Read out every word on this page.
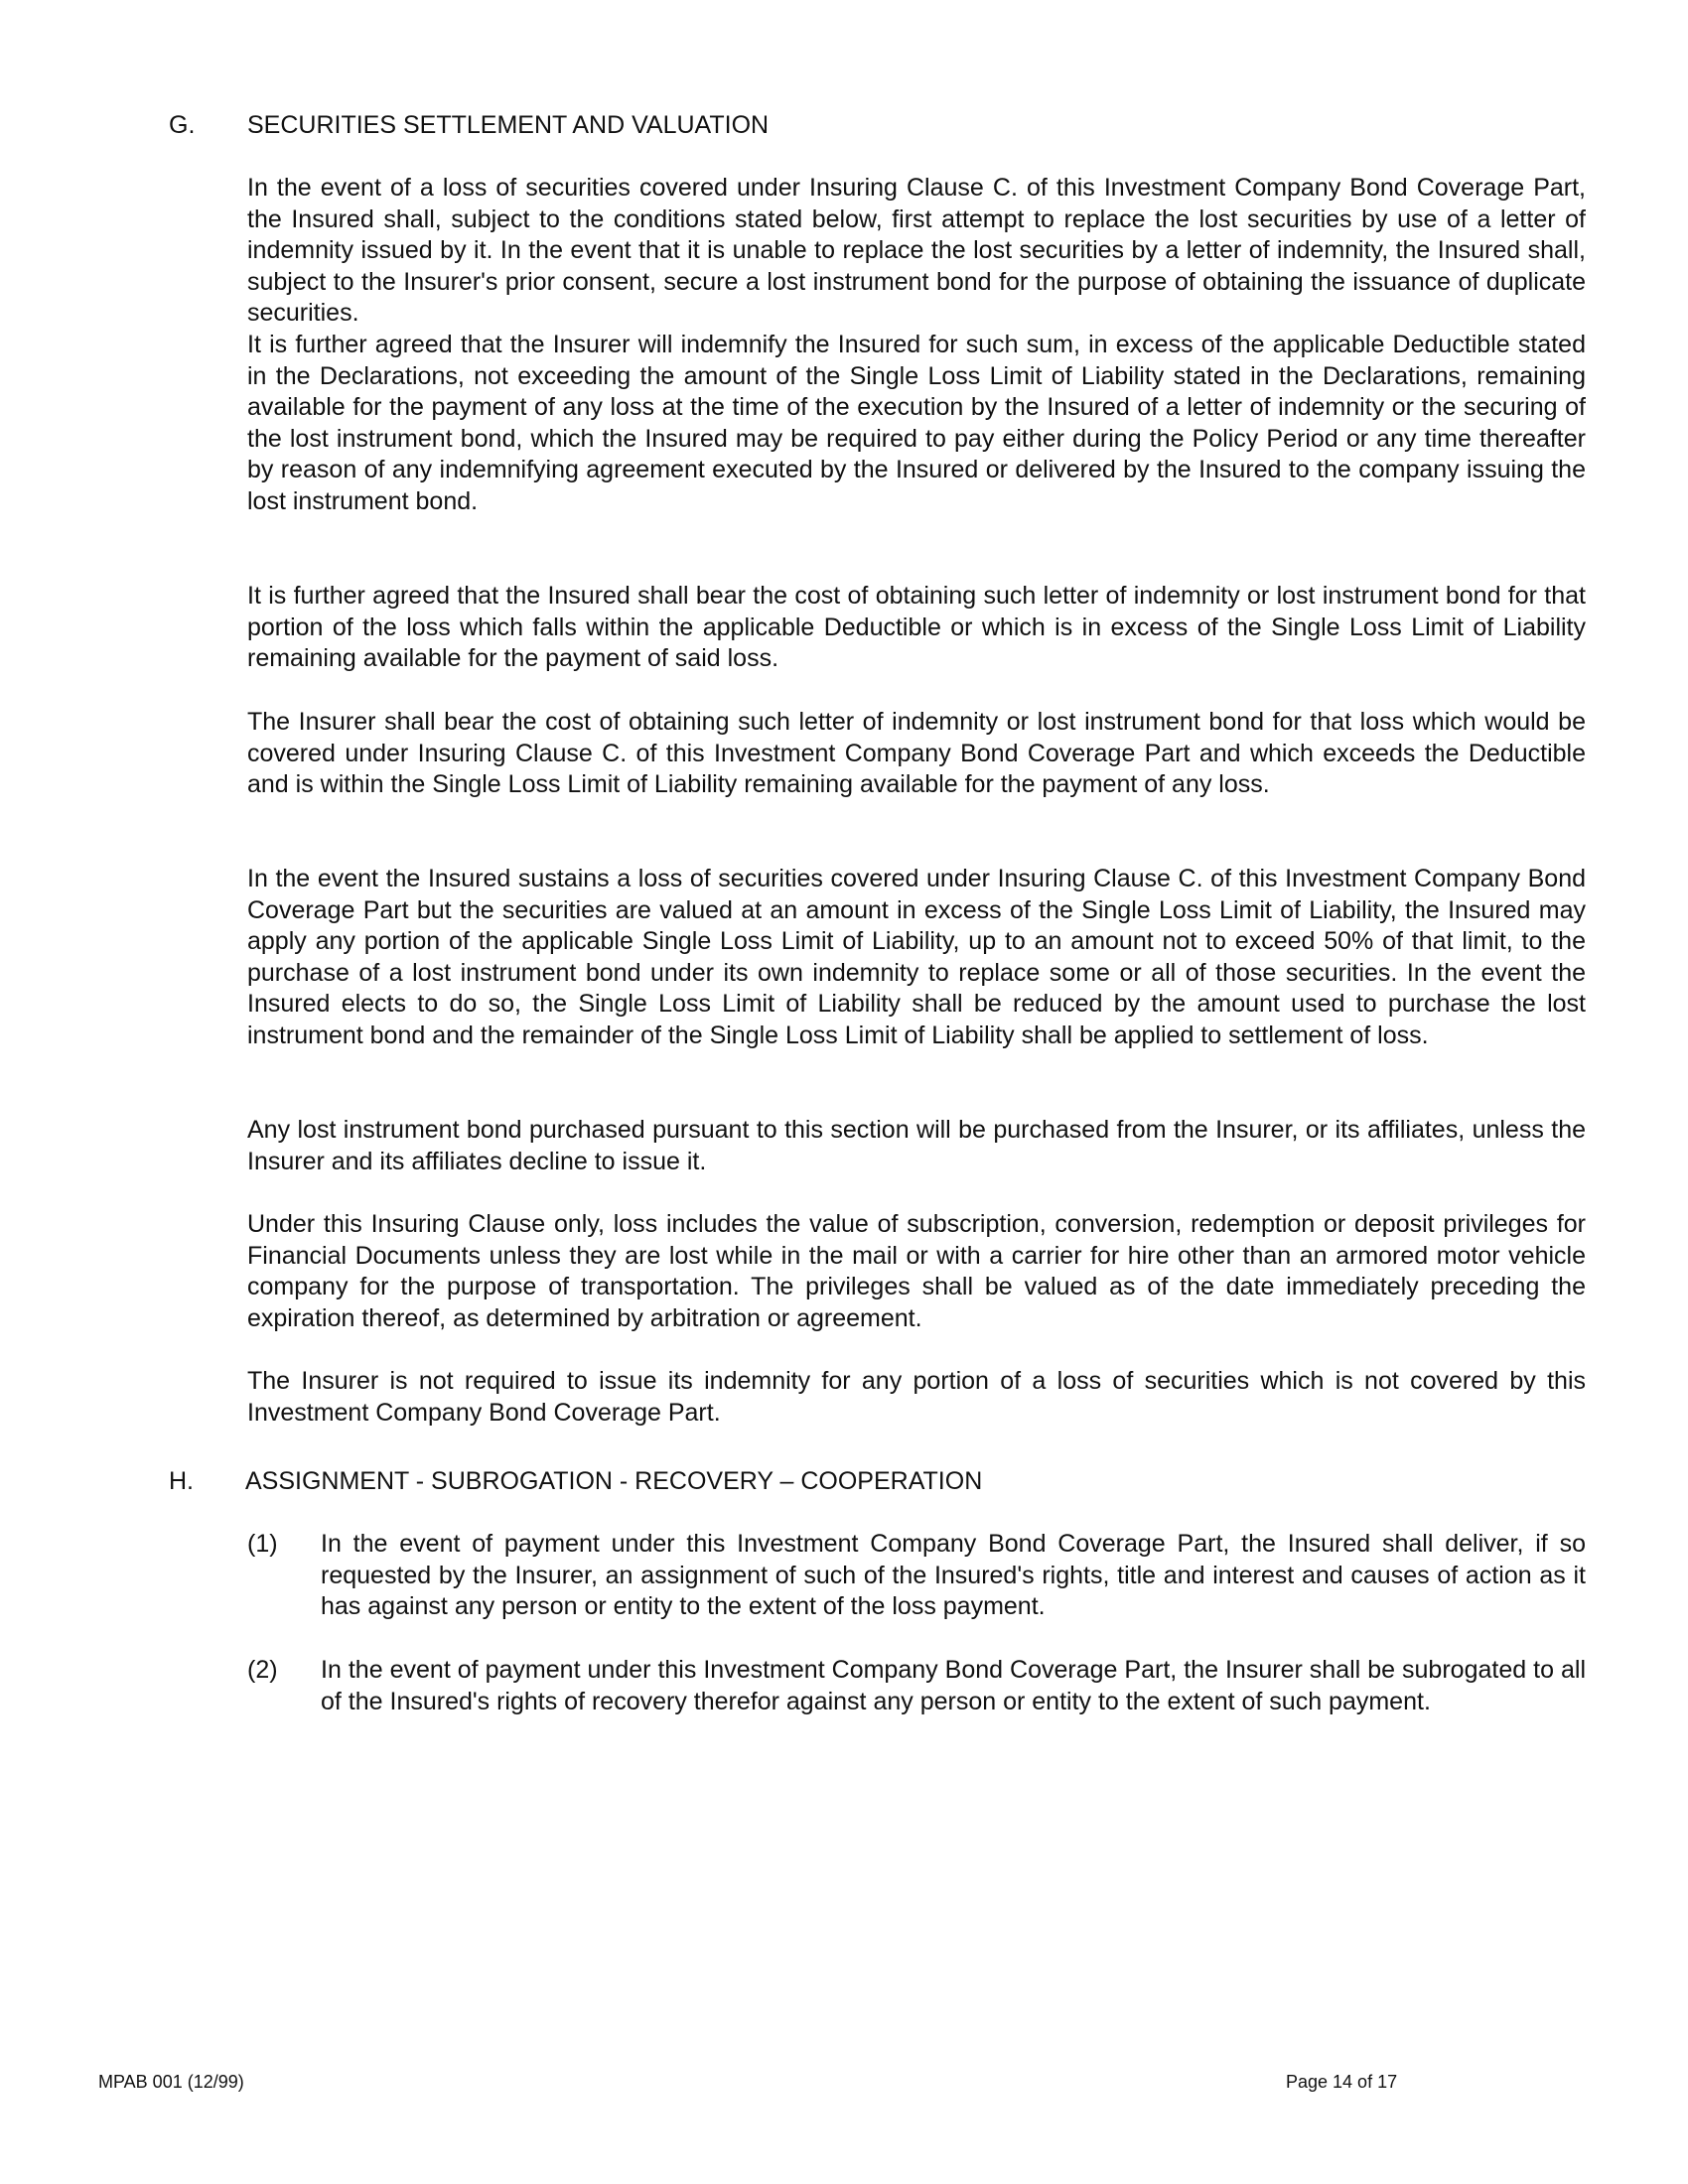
G. SECURITIES SETTLEMENT AND VALUATION
In the event of a loss of securities covered under Insuring Clause C. of this Investment Company Bond Coverage Part, the Insured shall, subject to the conditions stated below, first attempt to replace the lost securities by use of a letter of indemnity issued by it. In the event that it is unable to replace the lost securities by a letter of indemnity, the Insured shall, subject to the Insurer's prior consent, secure a lost instrument bond for the purpose of obtaining the issuance of duplicate securities.
It is further agreed that the Insurer will indemnify the Insured for such sum, in excess of the applicable Deductible stated in the Declarations, not exceeding the amount of the Single Loss Limit of Liability stated in the Declarations, remaining available for the payment of any loss at the time of the execution by the Insured of a letter of indemnity or the securing of the lost instrument bond, which the Insured may be required to pay either during the Policy Period or any time thereafter by reason of any indemnifying agreement executed by the Insured or delivered by the Insured to the company issuing the lost instrument bond.
It is further agreed that the Insured shall bear the cost of obtaining such letter of indemnity or lost instrument bond for that portion of the loss which falls within the applicable Deductible or which is in excess of the Single Loss Limit of Liability remaining available for the payment of said loss.
The Insurer shall bear the cost of obtaining such letter of indemnity or lost instrument bond for that loss which would be covered under Insuring Clause C. of this Investment Company Bond Coverage Part and which exceeds the Deductible and is within the Single Loss Limit of Liability remaining available for the payment of any loss.
In the event the Insured sustains a loss of securities covered under Insuring Clause C. of this Investment Company Bond Coverage Part but the securities are valued at an amount in excess of the Single Loss Limit of Liability, the Insured may apply any portion of the applicable Single Loss Limit of Liability, up to an amount not to exceed 50% of that limit, to the purchase of a lost instrument bond under its own indemnity to replace some or all of those securities. In the event the Insured elects to do so, the Single Loss Limit of Liability shall be reduced by the amount used to purchase the lost instrument bond and the remainder of the Single Loss Limit of Liability shall be applied to settlement of loss.
Any lost instrument bond purchased pursuant to this section will be purchased from the Insurer, or its affiliates, unless the Insurer and its affiliates decline to issue it.
Under this Insuring Clause only, loss includes the value of subscription, conversion, redemption or deposit privileges for Financial Documents unless they are lost while in the mail or with a carrier for hire other than an armored motor vehicle company for the purpose of transportation. The privileges shall be valued as of the date immediately preceding the expiration thereof, as determined by arbitration or agreement.
The Insurer is not required to issue its indemnity for any portion of a loss of securities which is not covered by this Investment Company Bond Coverage Part.
H. ASSIGNMENT - SUBROGATION - RECOVERY – COOPERATION
(1) In the event of payment under this Investment Company Bond Coverage Part, the Insured shall deliver, if so requested by the Insurer, an assignment of such of the Insured's rights, title and interest and causes of action as it has against any person or entity to the extent of the loss payment.
(2) In the event of payment under this Investment Company Bond Coverage Part, the Insurer shall be subrogated to all of the Insured's rights of recovery therefor against any person or entity to the extent of such payment.
MPAB 001 (12/99)	Page 14 of 17
